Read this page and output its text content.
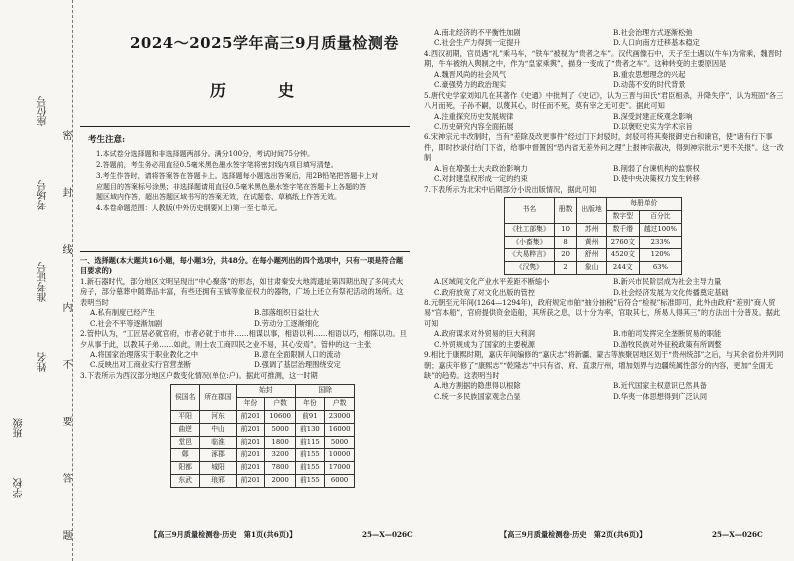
学校
班级
姓名
准考证号
考场号
座位号
密 封 线 内 不 要 答 题
2024～2025学年高三9月质量检测卷
历　史
考生注意:
1.本试卷分选择题和非选择题两部分。满分100分，考试时间75分钟。
2.答题前，考生务必用直径0.5毫米黑色墨水签字笔将密封线内项目填写清楚。
3.考生作答时，请将答案答在答题卡上。选择题每小题选出答案后，用2B铅笔把答题卡上对
应题目的答案标号涂黑；非选择题请用直径0.5毫米黑色墨水签字笔在答题卡上各题的答
题区域内作答，超出答题区域书写的答案无效，在试题卷、草稿纸上作答无效。
4.本卷命题范围：人教版(中外历史纲要)(上)第一至七单元。

一、选择题(本大题共16小题，每小题3分，共48分。在每小题列出的四个选项中，只有一项是符合题目要求的)

1.新石器时代，部分地区文明呈现出“中心聚落”的形态，如甘肃秦安大地湾遗址第四期出现了多间式大房子，部分墓葬中随葬品丰富，有些还拥有玉钺等象征权力的器物，广场上还立有祭祀活动的场所。这表明当时

A.私有制度已经产生	B.部落组织日益壮大
C.社会不平等逐渐加剧	D.劳动分工逐渐细化

2.管仲认为，“工匠居必就官府，市者必就于市井……相谋以事，相语以利……相语以巧，相陈以功。旦夕从事于此，以教其子弟……如此，则士农工商四民之业不易，其心安焉”。管仲的这一主张

A.将国家治理落实于职业教化之中	B.意在全面限制人口的流动
C.反映出对工商业实行官营垄断	D.强调了基层治理围绕安定

3.下表所示为西汉部分地区户数变化情况(单位:户)。据此可推测，这一时期

侯国名	所在郡国	始封		国除	
		年份	户数	年份	户数
平阳	河东	前201	10600	前91	23000
曲逆	中山	前201	5000	前130	16000
堂邑	临淮	前201	1800	前115	5000
鄚	涿郡	前201	3200	前155	10000
阳都	城阳	前201	7800	前155	17000
东武	琅邪	前201	2000	前155	6000
A.南北经济的不平衡性加剧	B.社会治理方式逐渐松弛
C.社会生产力得到一定提升	D.人口向南方迁移基本稳定

4.西汉初期，官员遇“礼”乘马车，“铁车”被视为“贵者之车”。汉代画像石中，天子至士遇以(牛车)为常乘，魏晋时期，牛车被纳入舆制之中，作为“皇家乘舆”，描身一变成了“贵者之车”。这种转变的主要原因是

A.魏晋风尚的社会风气	B.重农思想理念的兴起
C.豪强势力的政治现实	D.动荡不安的时代背景

5.唐代史学家刘知几在其著作《史通》中批判了《史记》，认为三晋与田氏“君臣相杀，升降失序”，认为班固“各三八月而死，子孙不嗣，以蔑其心，时任而不死，莫有宰之无可吏”。据此可知

A.注重探究历史发展规律	B.深受封建正统观念影响
C.历史研究内容全面拓展	D.以褒贬史实为学术宗旨

6.宋神宗元丰改制时，当有“差除及改更事件”经过门下封驳时，封驳可将其奏报御史台和谏官，使“诸有行下事件，即时抄录付给门下省，给事中督置因“恐内省无差外问之理”上报神宗裁决，得到神宗批示“更不关报”。这一改制

A.旨在增强士大夫政治影响力	B.削弱了台谏机构的监察权
C.对封建皇权形成一定的约束	D.使中央决策权力发生转移

7.下表所示为北宋中后期部分小说出版情况，据此可知

书名	册数	出版地	每册单价	
			数字型	百分比
《杜工部集》	10	苏州	数千缗	越过100%
《小畜集》	8	黄州	2760文	233%
《大易粹言》	20	舒州	4520文	120%
《汉隽》	2	象山	244文	63%
A.区域间文化产业水平差距不断缩小	B.新兴市民阶层成为社会主导力量
C.政府放宽了对文化出版的管控	D.社会经济发展为文化传播奠定基础

8.元朝至元年间(1264—1294年)，政府规定市舶“抽分抽税”后符合“检视”标准即可，此外由政府“差别”商人贸易“官本船”，官府提供资金造船，其所获之息，以十分为率，官取其七，所易人得其三”的方法出十分普及。据此可知

A.政府谋求对外贸易的巨大利润	B.市舶司发挥完全垄断贸易的职能
C.外贸规成为了国家的主要税源	D.游牧民族对外征税政策有所调整

9.相比于康熙时期，嘉庆年间编修的“嘉庆志”将新疆、蒙古等族聚居地区划于“贵州统部”之后，与其余省份并列同朝；嘉庆年修了“康熙志”“乾隆志”中只有省、府、直隶厅州，增加划界与边疆统属性部分的内容，更加“全面无缺”的趋势。这表明当时

A.地方割据的隐患得以根除	B.近代国家主权意识已然具备
C.统一多民族国家观念凸显	D.华夷一体思想得到广泛认同
【高三9月质量检测卷·历史　第1页(共6页)】	25—X—026C	【高三9月质量检测卷·历史　第2页(共6页)】	25—X—026C
